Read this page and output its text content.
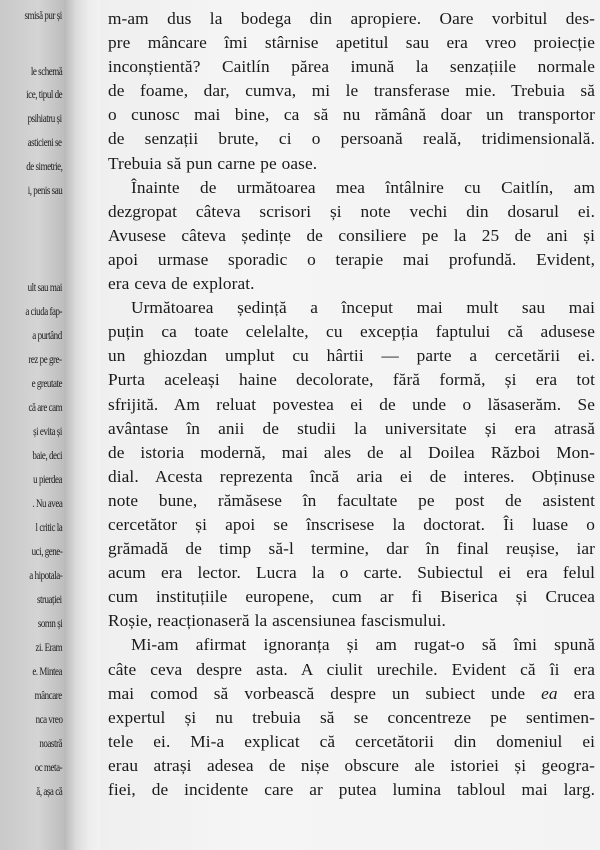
smisă pur și
le schemă
ice, tipul de
psihiatru și
asticieni se
de simetrie,
i, penis sau
ult sau mai
a ciuda fap-
a purtând
rez pe gre-
e greutate
că are cam
și evita și
baie, deci
u pierdea
. Nu avea
l critic la
uci, gene-
a hipotala-
struației
somn și
zi. Eram
e. Mintea
mâncare
nca vreo
noastră
oc meta-
ă, așa că
m-am dus la bodega din apropiere. Oare vorbitul des-
pre mâncare îmi stârnise apetitul sau era vreo proiecție
inconștientă? Caitlín părea imună la senzațiile normale
de foame, dar, cumva, mi le transferase mie. Trebuia să
o cunosc mai bine, ca să nu rămână doar un transportor
de senzații brute, ci o persoană reală, tridimensională.
Trebuia să pun carne pe oase.
Înainte de următoarea mea întâlnire cu Caitlín, am
dezgropat câteva scrisori și note vechi din dosarul ei.
Avusese câteva ședințe de consiliere pe la 25 de ani și
apoi urmase sporadic o terapie mai profundă. Evident,
era ceva de explorat.
Următoarea ședință a început mai mult sau mai
puțin ca toate celelalte, cu excepția faptului că adusese
un ghiozdan umplut cu hârtii — parte a cercetării ei.
Purta aceleași haine decolorate, fără formă, și era tot
sfrijită. Am reluat povestea ei de unde o lăsaserăm. Se
avântase în anii de studii la universitate și era atrasă
de istoria modernă, mai ales de al Doilea Război Mon-
dial. Acesta reprezenta încă aria ei de interes. Obținuse
note bune, rămăsese în facultate pe post de asistent
cercetător și apoi se înscrisese la doctorat. Îi luase o
grămadă de timp să-l termine, dar în final reușise, iar
acum era lector. Lucra la o carte. Subiectul ei era felul
cum instituțiile europene, cum ar fi Biserica și Crucea
Roșie, reacționaseră la ascensiunea fascismului.
Mi-am afirmat ignoranța și am rugat-o să îmi spună
câte ceva despre asta. A ciulit urechile. Evident că îi era
mai comod să vorbească despre un subiect unde ea era
expertul și nu trebuia să se concentreze pe sentimen-
tele ei. Mi-a explicat că cercetătorii din domeniul ei
erau atrași adesea de nișe obscure ale istoriei și geogra-
fiei, de incidente care ar putea lumina tabloul mai larg.
